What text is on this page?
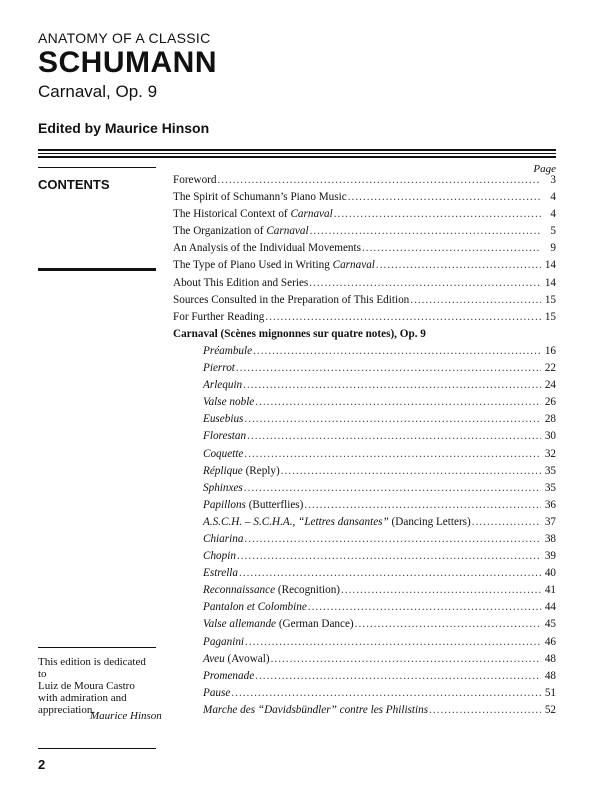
ANATOMY OF A CLASSIC
SCHUMANN
Carnaval, Op. 9
Edited by Maurice Hinson
CONTENTS
Page
Foreword .....	3
The Spirit of Schumann’s Piano Music .....	4
The Historical Context of Carnaval .....	4
The Organization of Carnaval .....	5
An Analysis of the Individual Movements .....	9
The Type of Piano Used in Writing Carnaval .....	14
About This Edition and Series .....	14
Sources Consulted in the Preparation of This Edition .....	15
For Further Reading .....	15
Carnaval (Scènes mignonnes sur quatre notes), Op. 9
Préambule .....	16
Pierrot .....	22
Arlequin .....	24
Valse noble .....	26
Eusebius .....	28
Florestan .....	30
Coquette .....	32
Réplique (Reply) .....	35
Sphinxes .....	35
Papillons (Butterflies) .....	36
A.S.C.H. – S.C.H.A., “Lettres dansantes” (Dancing Letters) .....	37
Chiarina .....	38
Chopin .....	39
Estrella .....	40
Reconnaissance (Recognition) .....	41
Pantalon et Colombine .....	44
Valse allemande (German Dance) .....	45
Paganini .....	46
Aveu (Avowal) .....	48
Promenade .....	48
Pause .....	51
Marche des “Davidsbündler” contre les Philistins .....	52
This edition is dedicated to
Luiz de Moura Castro
with admiration and
appreciation.
Maurice Hinson
2
